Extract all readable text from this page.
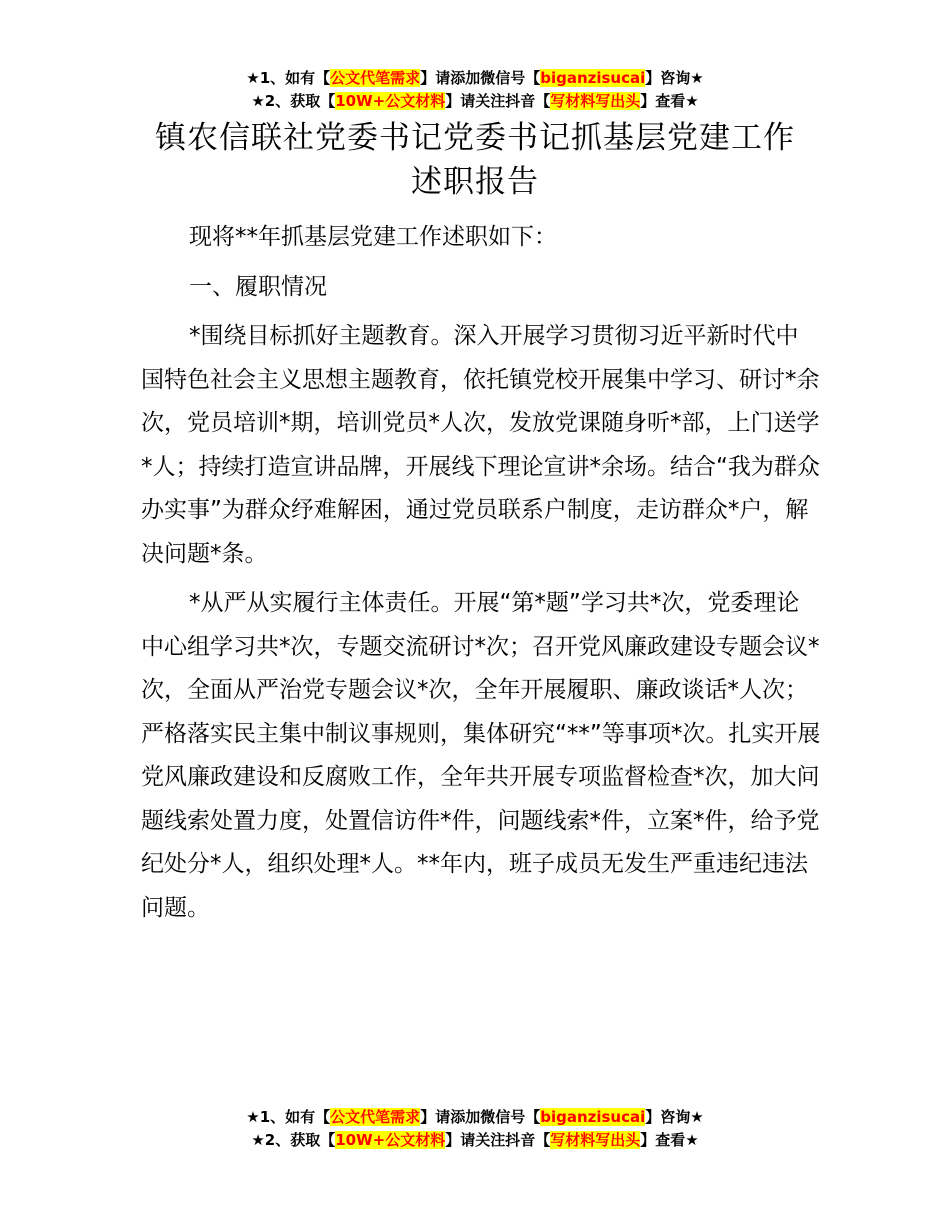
★1、如有【公文代笔需求】请添加微信号【biganzisucai】咨询★
★2、获取【10W+公文材料】请关注抖音【写材料写出头】查看★
镇农信联社党委书记党委书记抓基层党建工作
述职报告

现将**年抓基层党建工作述职如下：

一、履职情况

*围绕目标抓好主题教育。深入开展学习贯彻习近平新时代中国特色社会主义思想主题教育，依托镇党校开展集中学习、研讨*余次，党员培训*期，培训党员*人次，发放党课随身听*部，上门送学*人；持续打造宣讲品牌，开展线下理论宣讲*余场。结合“我为群众办实事”为群众纾难解困，通过党员联系户制度，走访群众*户，解决问题*条。

*从严从实履行主体责任。开展“第*题”学习共*次，党委理论中心组学习共*次，专题交流研讨*次；召开党风廉政建设专题会议*次，全面从严治党专题会议*次，全年开展履职、廉政谈话*人次；严格落实民主集中制议事规则，集体研究“**”等事项*次。扎实开展党风廉政建设和反腐败工作，全年共开展专项监督检查*次，加大问题线索处置力度，处置信访件*件，问题线索*件，立案*件，给予党纪处分*人，组织处理*人。**年内，班子成员无发生严重违纪违法问题。

★1、如有【公文代笔需求】请添加微信号【biganzisucai】咨询★
★2、获取【10W+公文材料】请关注抖音【写材料写出头】查看★
